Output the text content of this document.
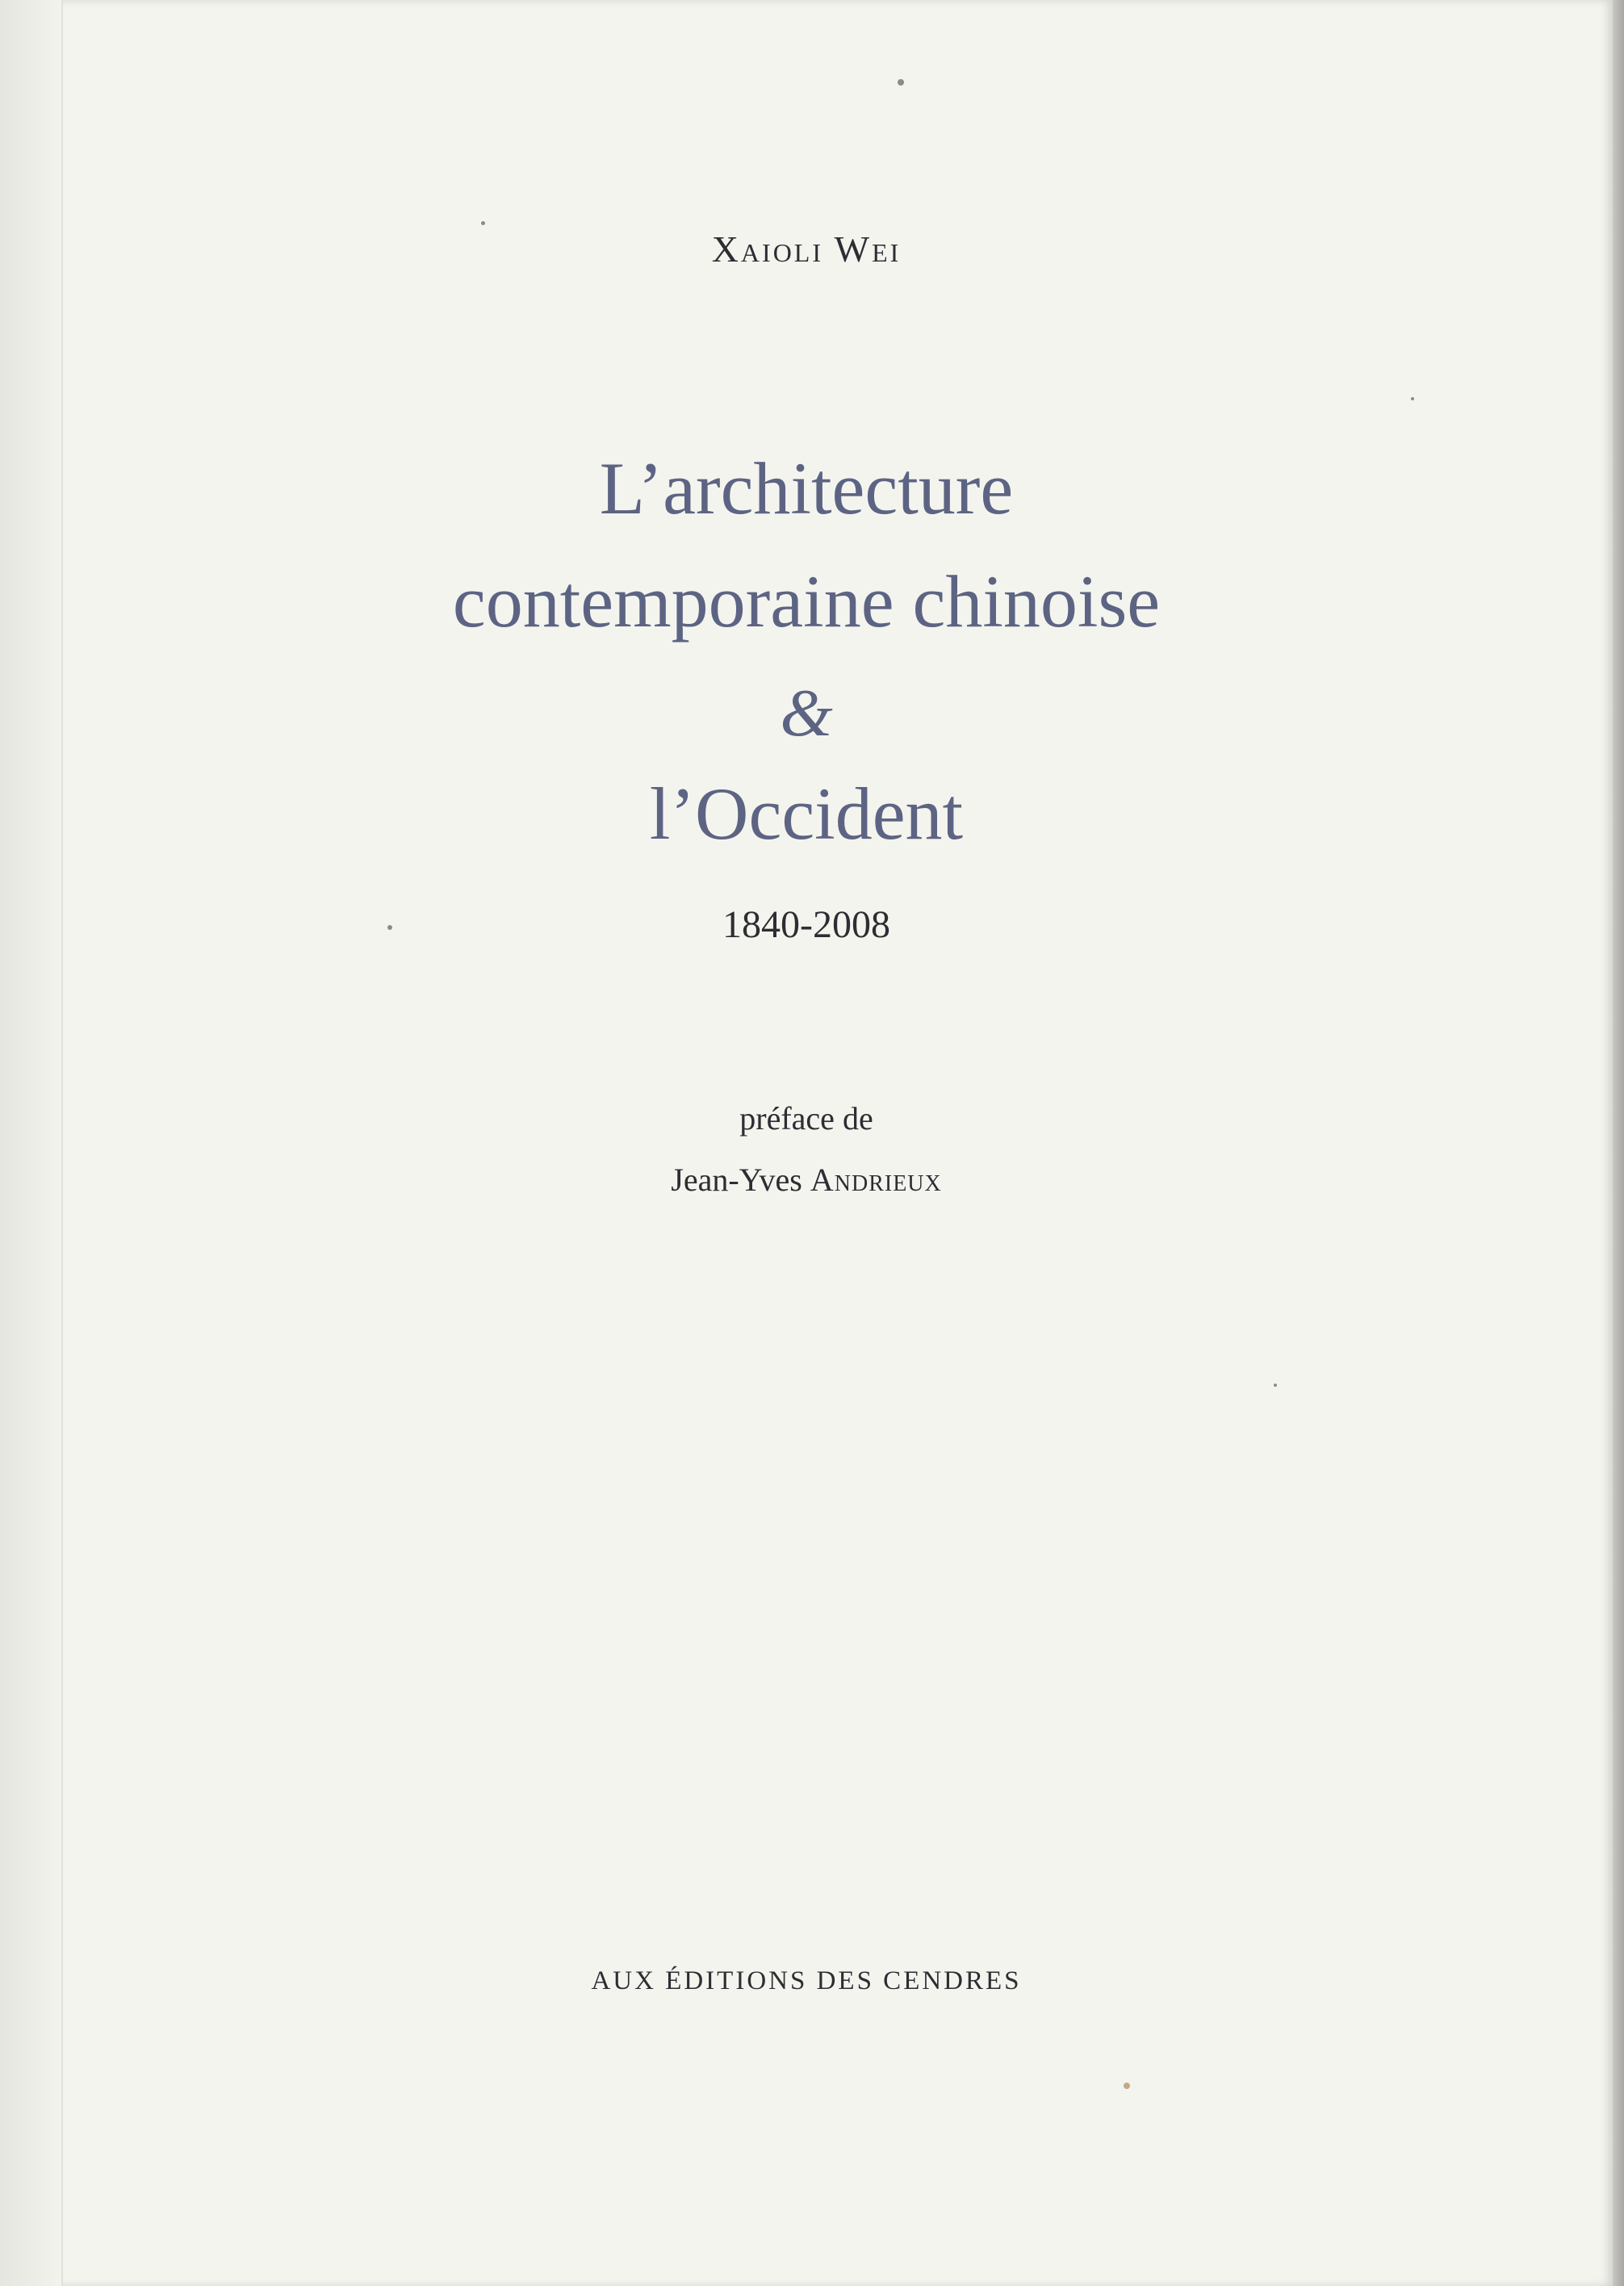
Xaioli Wei
L’architecture
contemporaine chinoise
&
l’Occident
1840-2008
préface de
Jean-Yves Andrieux
AUX ÉDITIONS DES CENDRES
